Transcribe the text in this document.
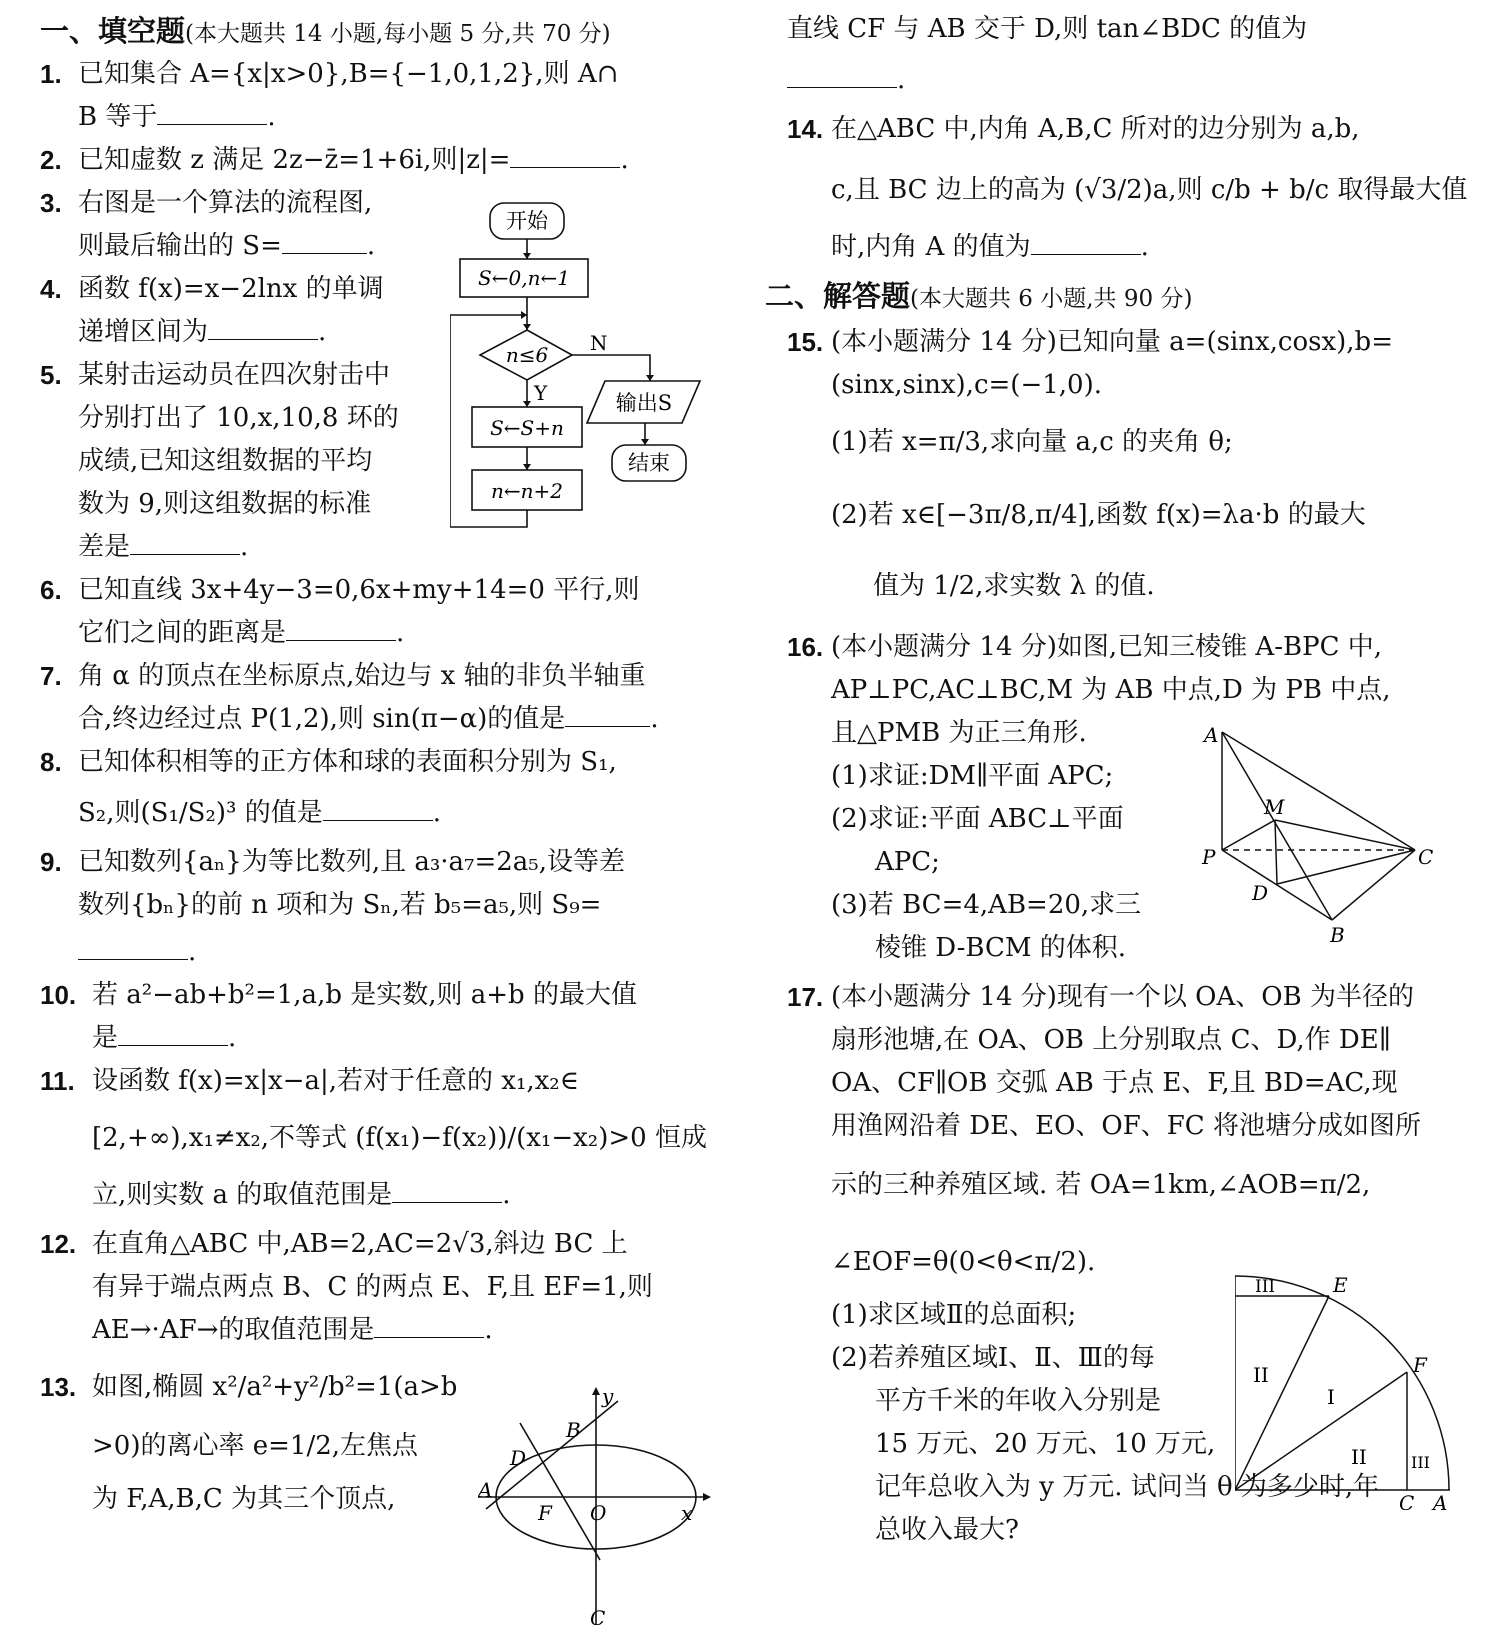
一、填空题(本大题共 14 小题,每小题 5 分,共 70 分)
1. 已知集合 A={x|x>0},B={−1,0,1,2},则 A∩
B 等于	.
2. 已知虚数 z 满足 2z−z̄=1+6i,则|z|=	.
3. 右图是一个算法的流程图,
则最后输出的 S=	.
4. 函数 f(x)=x−2lnx 的单调
递增区间为	.
5. 某射击运动员在四次射击中
分别打出了 10,x,10,8 环的
成绩,已知这组数据的平均
数为 9,则这组数据的标准
差是	.
6. 已知直线 3x+4y−3=0,6x+my+14=0 平行,则
它们之间的距离是	.
7. 角 α 的顶点在坐标原点,始边与 x 轴的非负半轴重
合,终边经过点 P(1,2),则 sin(π−α)的值是	.
8. 已知体积相等的正方体和球的表面积分别为 S₁,
S₂,则(S₁/S₂)³ 的值是	.
9. 已知数列{aₙ}为等比数列,且 a₃·a₇=2a₅,设等差
数列{bₙ}的前 n 项和为 Sₙ,若 b₅=a₅,则 S₉=
.
10. 若 a²−ab+b²=1,a,b 是实数,则 a+b 的最大值
是	.
11. 设函数 f(x)=x|x−a|,若对于任意的 x₁,x₂∈
[2,+∞),x₁≠x₂,不等式 (f(x₁)−f(x₂))/(x₁−x₂)>0 恒成
立,则实数 a 的取值范围是	.
12. 在直角△ABC 中,AB=2,AC=2√3,斜边 BC 上
有异于端点两点 B、C 的两点 E、F,且 EF=1,则
AE→·AF→的取值范围是	.
13. 如图,椭圆 x²/a²+y²/b²=1(a>b
>0)的离心率 e=1/2,左焦点
为 F,A,B,C 为其三个顶点,
开始
S←0,n←1
n≤6 N
Y
S←S+n
n←n+2
输出S
结束
A
B
C
D
F O	x
y
直线 CF 与 AB 交于 D,则 tan∠BDC 的值为
.
14. 在△ABC 中,内角 A,B,C 所对的边分别为 a,b,
c,且 BC 边上的高为 (√3/2)a,则 c/b + b/c 取得最大值
时,内角 A 的值为	.
二、解答题(本大题共 6 小题,共 90 分)
15. (本小题满分 14 分)已知向量 a=(sinx,cosx),b=
(sinx,sinx),c=(−1,0).
(1)若 x=π/3,求向量 a,c 的夹角 θ;
(2)若 x∈[−3π/8,π/4],函数 f(x)=λa·b 的最大
值为 1/2,求实数 λ 的值.
16. (本小题满分 14 分)如图,已知三棱锥 A-BPC 中,
AP⊥PC,AC⊥BC,M 为 AB 中点,D 为 PB 中点,
且△PMB 为正三角形.
(1)求证:DM∥平面 APC;
(2)求证:平面 ABC⊥平面
APC;
(3)若 BC=4,AB=20,求三
棱锥 D-BCM 的体积.
17. (本小题满分 14 分)现有一个以 OA、OB 为半径的
扇形池塘,在 OA、OB 上分别取点 C、D,作 DE∥
OA、CF∥OB 交弧 AB 于点 E、F,且 BD=AC,现
用渔网沿着 DE、EO、OF、FC 将池塘分成如图所
示的三种养殖区域. 若 OA=1km,∠AOB=π/2,
∠EOF=θ(0<θ<π/2).
(1)求区域Ⅱ的总面积;
(2)若养殖区域Ⅰ、Ⅱ、Ⅲ的每
平方千米的年收入分别是
15 万元、20 万元、10 万元,
记年总收入为 y 万元. 试问当 θ 为多少时,年
总收入最大?
A
M
P	C
D
B
III	E
II
I
F
II	III
C A
